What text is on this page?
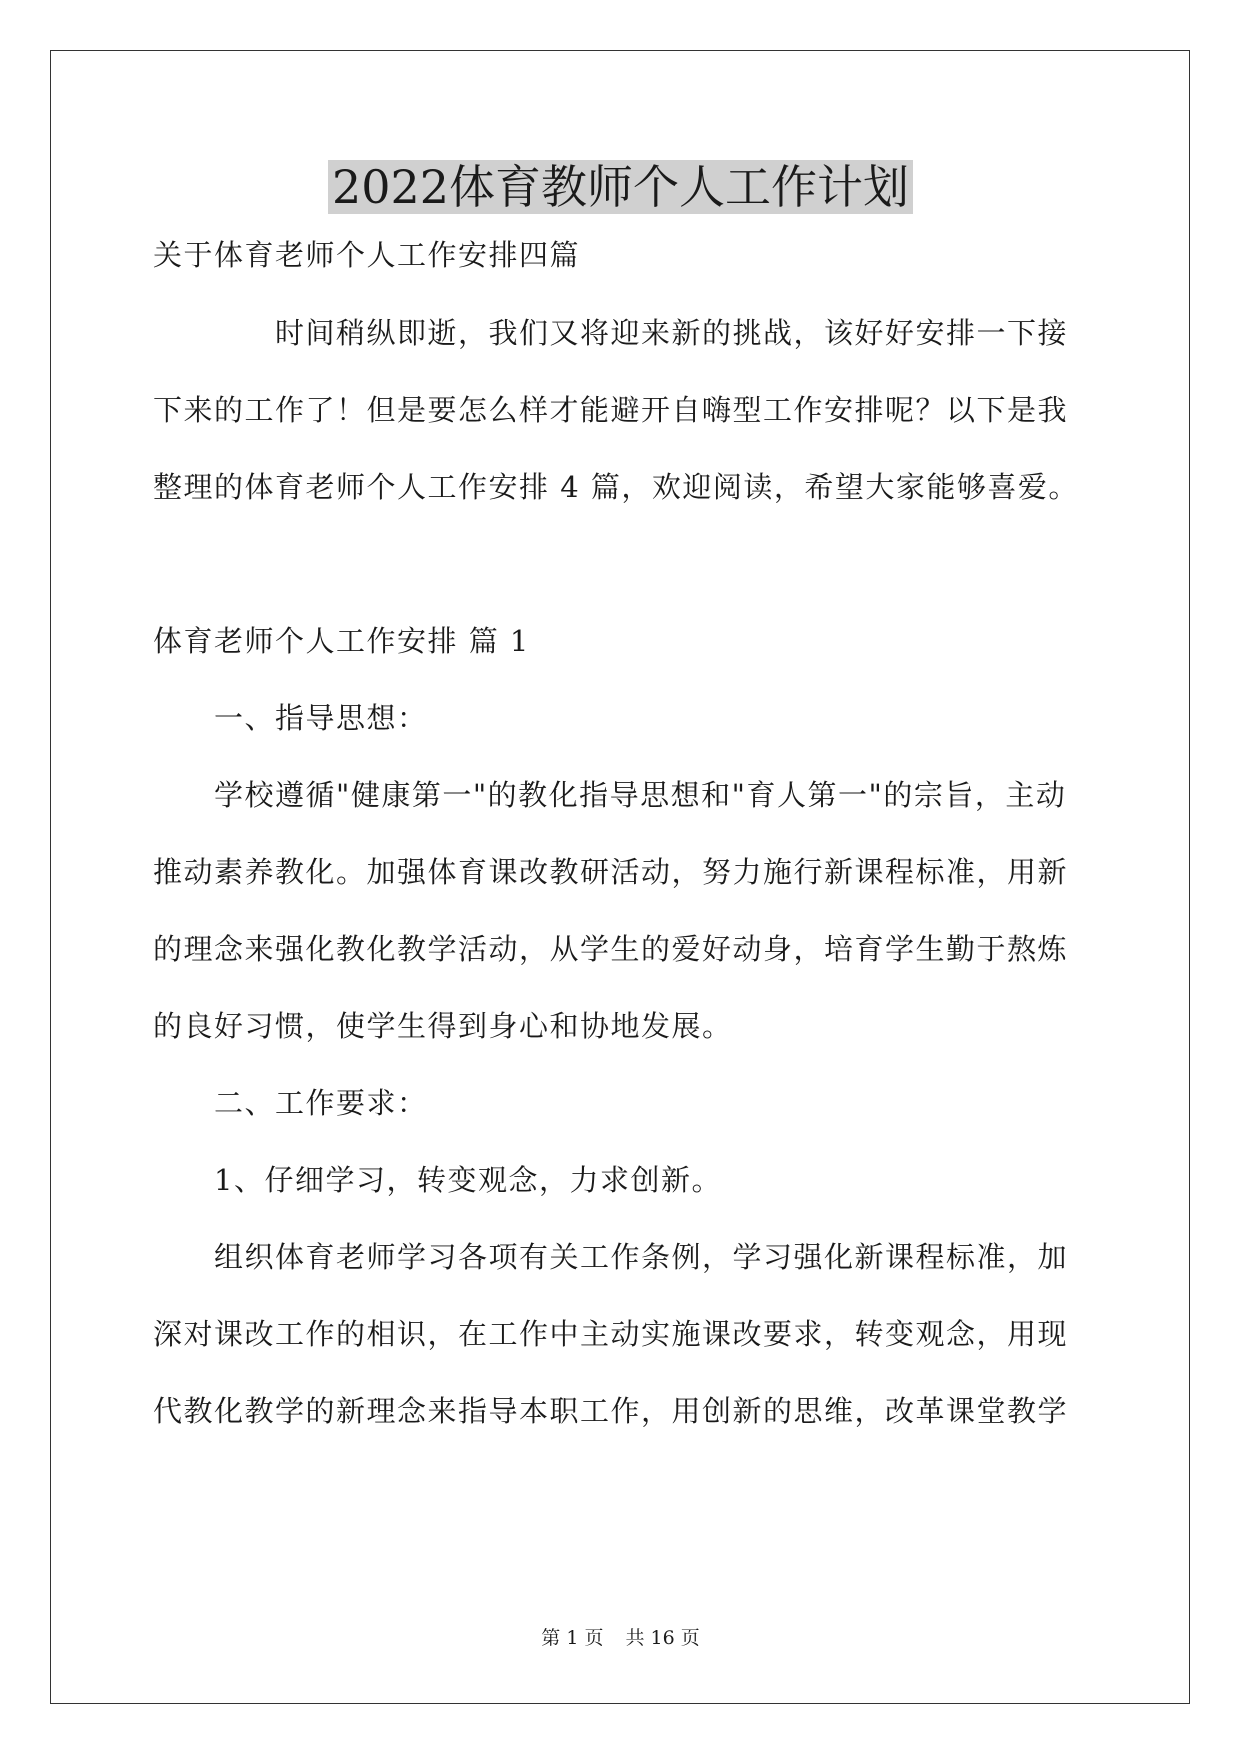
2022体育教师个人工作计划

关于体育老师个人工作安排四篇

　　　　时间稍纵即逝，我们又将迎来新的挑战，该好好安排一下接

下来的工作了！但是要怎么样才能避开自嗨型工作安排呢？以下是我

整理的体育老师个人工作安排 4 篇，欢迎阅读，希望大家能够喜爱。

体育老师个人工作安排 篇 1

　　一、指导思想：

　　学校遵循"健康第一"的教化指导思想和"育人第一"的宗旨，主动

推动素养教化。加强体育课改教研活动，努力施行新课程标准，用新

的理念来强化教化教学活动，从学生的爱好动身，培育学生勤于熬炼

的良好习惯，使学生得到身心和协地发展。

　　二、工作要求：

　　1、仔细学习，转变观念，力求创新。

　　组织体育老师学习各项有关工作条例，学习强化新课程标准，加

深对课改工作的相识，在工作中主动实施课改要求，转变观念，用现

代教化教学的新理念来指导本职工作，用创新的思维，改革课堂教学

第 1 页 共 16 页
